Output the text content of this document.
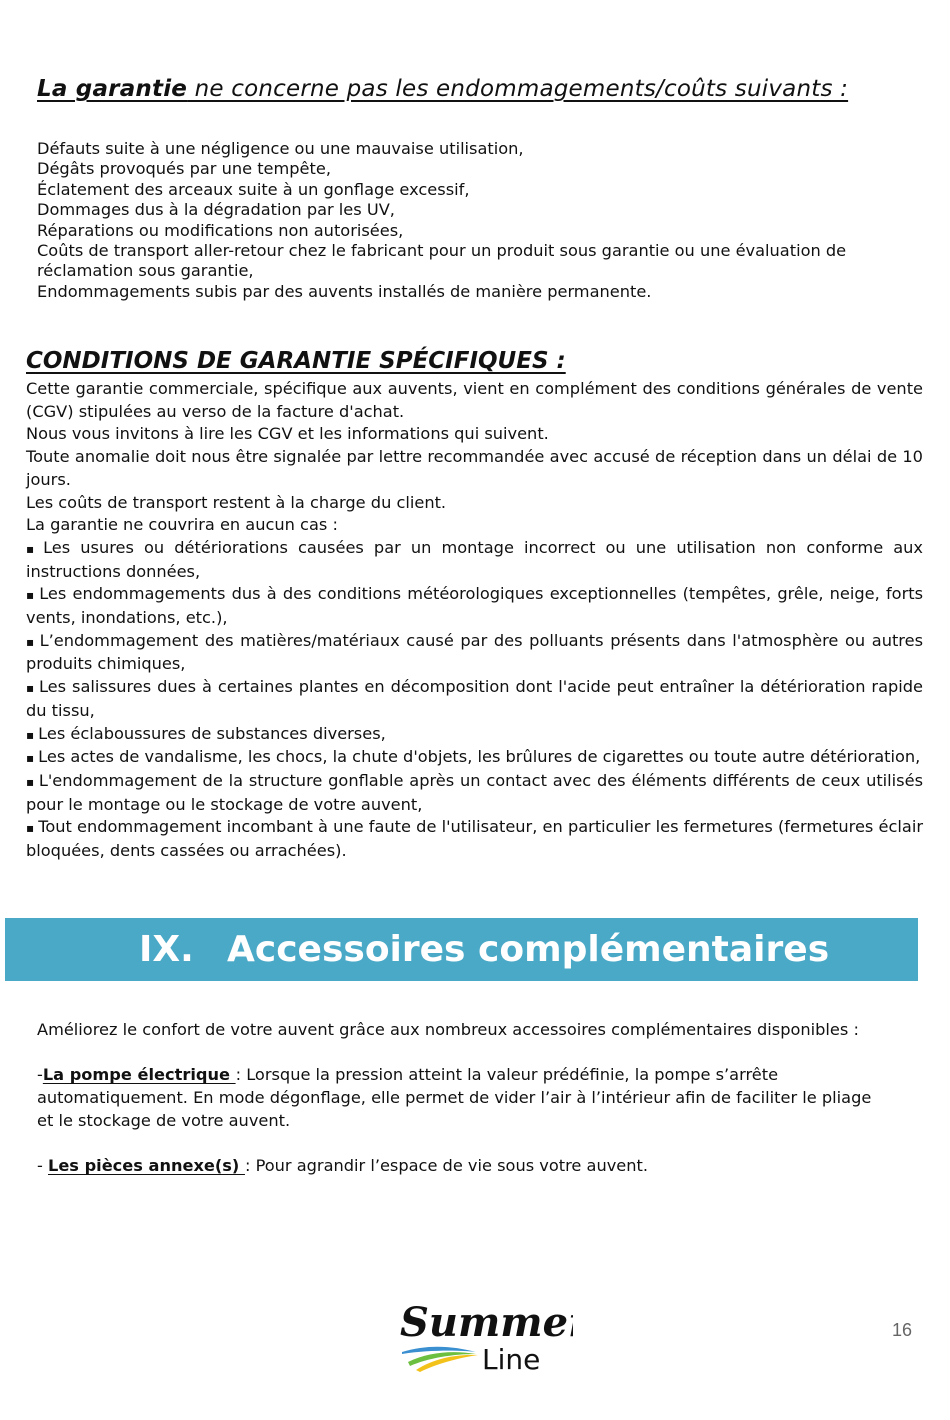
La garantie ne concerne pas les endommagements/coûts suivants :
Défauts suite à une négligence ou une mauvaise utilisation,
Dégâts provoqués par une tempête,
Éclatement des arceaux suite à un gonflage excessif,
Dommages dus à la dégradation par les UV,
Réparations ou modifications non autorisées,
Coûts de transport aller-retour chez le fabricant pour un produit sous garantie ou une évaluation de réclamation sous garantie,
Endommagements subis par des auvents installés de manière permanente.
CONDITIONS DE GARANTIE SPÉCIFIQUES :

Cette garantie commerciale, spécifique aux auvents, vient en complément des conditions générales de vente (CGV) stipulées au verso de la facture d'achat.

Nous vous invitons à lire les CGV et les informations qui suivent.

Toute anomalie doit nous être signalée par lettre recommandée avec accusé de réception dans un délai de 10 jours.

Les coûts de transport restent à la charge du client.

La garantie ne couvrira en aucun cas :

▪ Les usures ou détériorations causées par un montage incorrect ou une utilisation non conforme aux instructions données,

▪ Les endommagements dus à des conditions météorologiques exceptionnelles (tempêtes, grêle, neige, forts vents, inondations, etc.),

▪ L’endommagement des matières/matériaux causé par des polluants présents dans l'atmosphère ou autres produits chimiques,

▪ Les salissures dues à certaines plantes en décomposition dont l'acide peut entraîner la détérioration rapide du tissu,

▪ Les éclaboussures de substances diverses,

▪ Les actes de vandalisme, les chocs, la chute d'objets, les brûlures de cigarettes ou toute autre détérioration,

▪ L'endommagement de la structure gonflable après un contact avec des éléments différents de ceux utilisés pour le montage ou le stockage de votre auvent,

▪ Tout endommagement incombant à une faute de l'utilisateur, en particulier les fermetures (fermetures éclair bloquées, dents cassées ou arrachées).

IX. Accessoires complémentaires

Améliorez le confort de votre auvent grâce aux nombreux accessoires complémentaires disponibles :

-La pompe électrique : Lorsque la pression atteint la valeur prédéfinie, la pompe s’arrête automatiquement. En mode dégonflage, elle permet de vider l’air à l’intérieur afin de faciliter le pliage et le stockage de votre auvent.

- Les pièces annexe(s) : Pour agrandir l’espace de vie sous votre auvent.

Summer
Line
16
